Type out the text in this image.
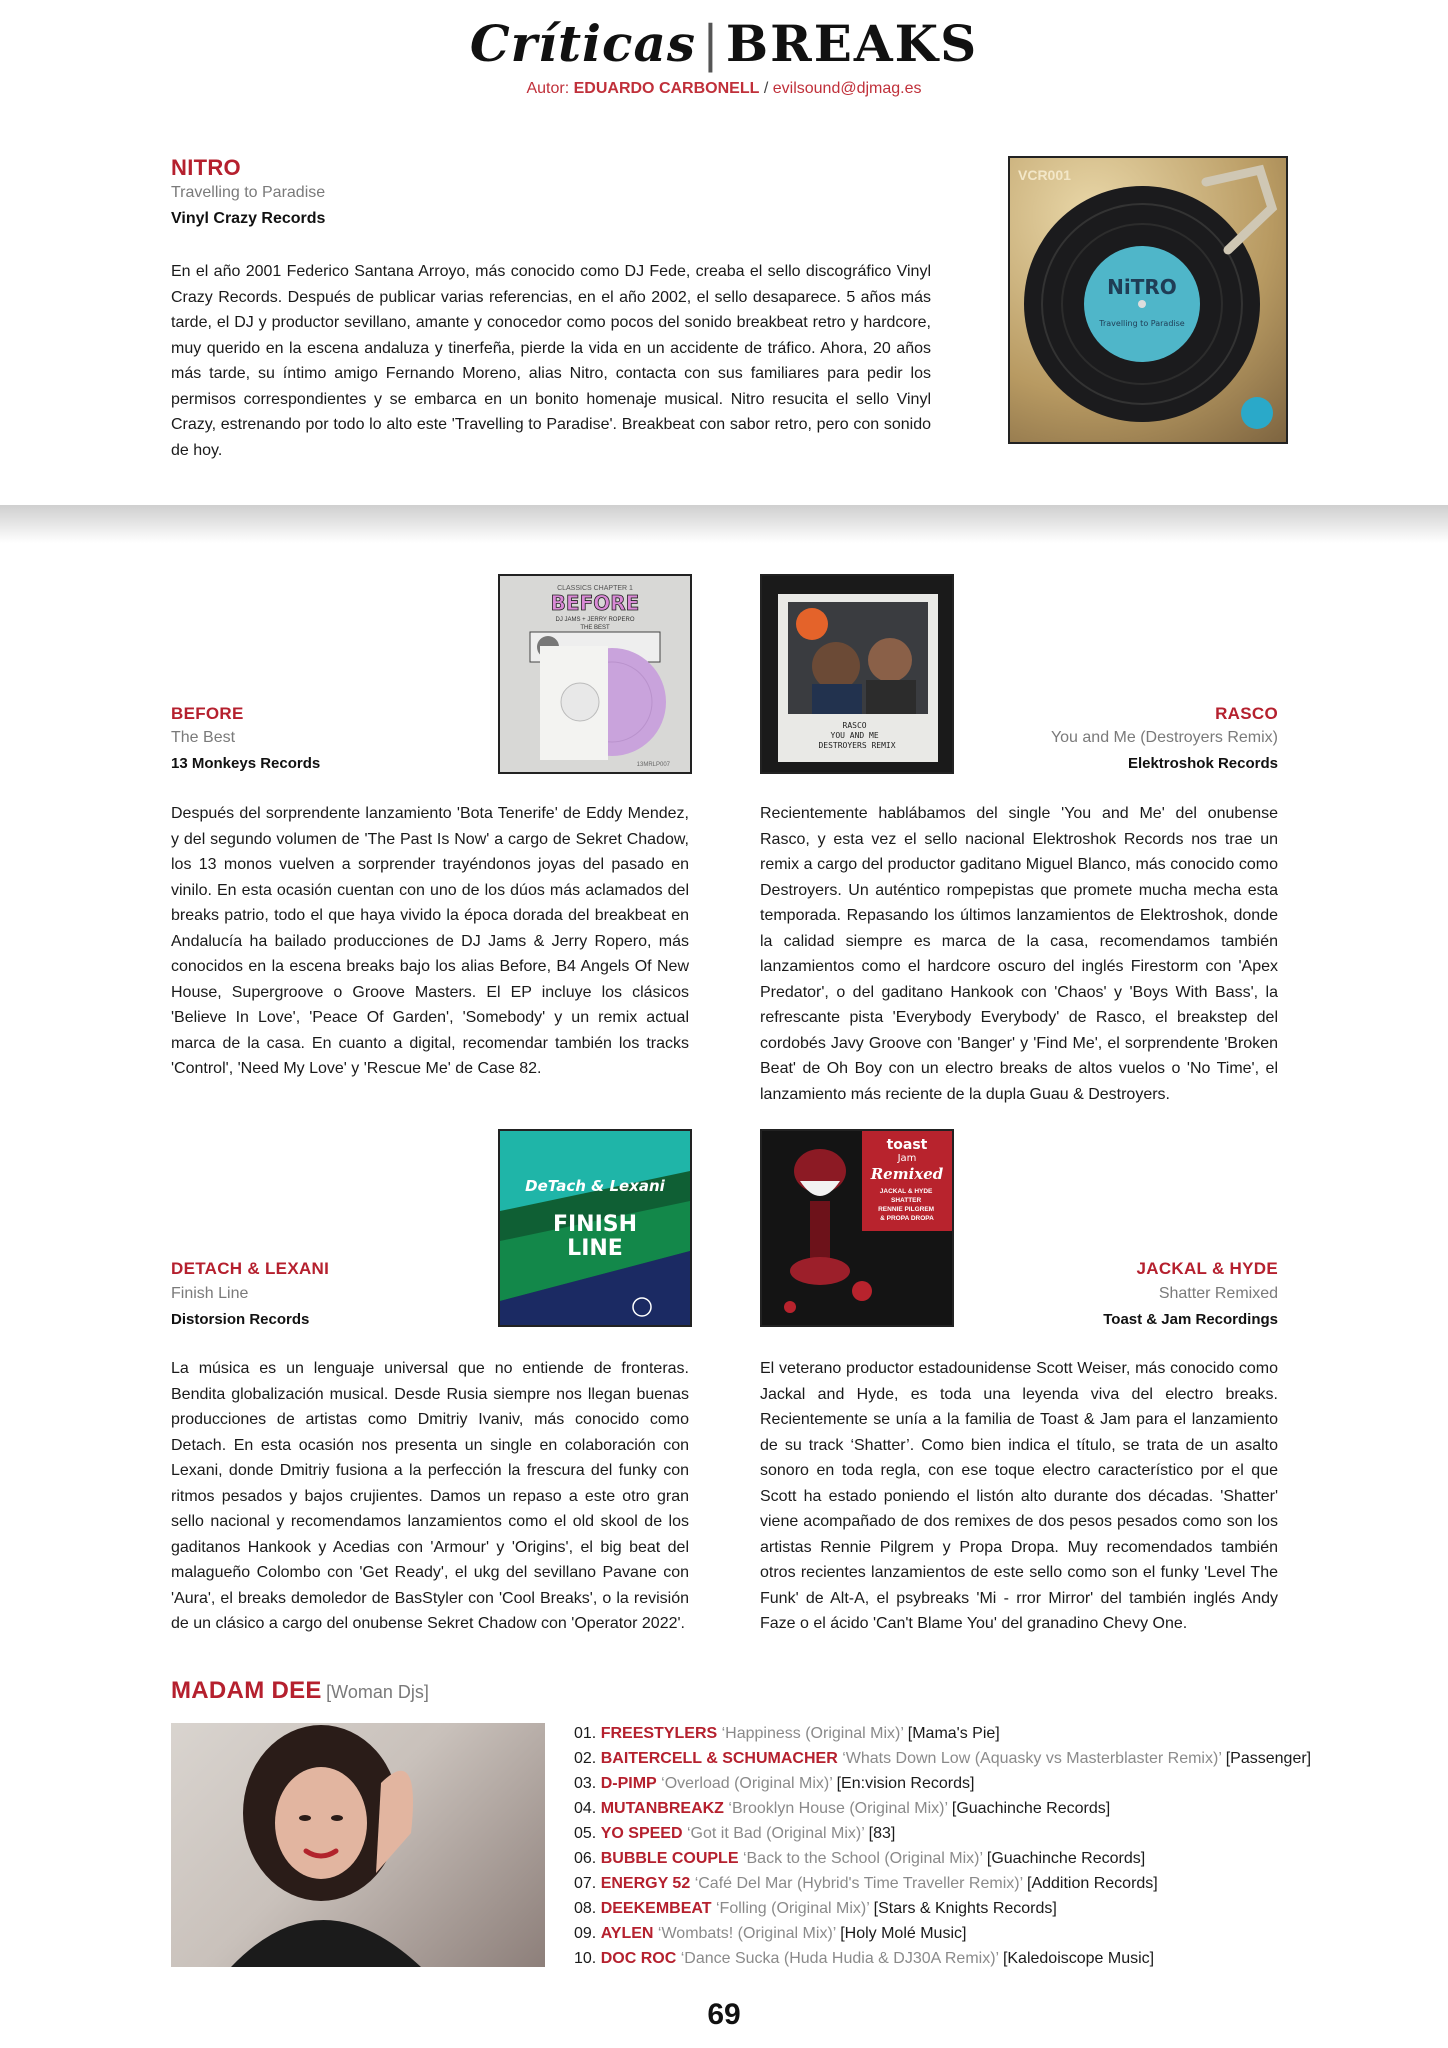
Críticas | BREAKS
Autor: EDUARDO CARBONELL / evilsound@djmag.es
NITRO
Travelling to Paradise
Vinyl Crazy Records
En el año 2001 Federico Santana Arroyo, más conocido como DJ Fede, creaba el sello discográfico Vinyl Crazy Records. Después de publicar varias referencias, en el año 2002, el sello desaparece. 5 años más tarde, el DJ y productor sevillano, amante y conocedor como pocos del sonido breakbeat retro y hardcore, muy querido en la escena andaluza y tinerfeña, pierde la vida en un accidente de tráfico. Ahora, 20 años más tarde, su íntimo amigo Fernando Moreno, alias Nitro, contacta con sus familiares para pedir los permisos correspondientes y se embarca en un bonito homenaje musical. Nitro resucita el sello Vinyl Crazy, estrenando por todo lo alto este 'Travelling to Paradise'. Breakbeat con sabor retro, pero con sonido de hoy.
VCR001
NiTRO
Travelling to Paradise
CLASSICS CHAPTER 1
BEFORE
DJ JAMS + JERRY ROPERO
THE BEST
13MRLP007
RASCO YOU AND ME DESTROYERS REMIX
BEFORE
The Best
13 Monkeys Records
Después del sorprendente lanzamiento 'Bota Tenerife' de Eddy Mendez, y del segundo volumen de 'The Past Is Now' a cargo de Sekret Chadow, los 13 monos vuelven a sorprender trayéndonos joyas del pasado en vinilo. En esta ocasión cuentan con uno de los dúos más aclamados del breaks patrio, todo el que haya vivido la época dorada del breakbeat en Andalucía ha bailado producciones de DJ Jams & Jerry Ropero, más conocidos en la escena breaks bajo los alias Before, B4 Angels Of New House, Supergroove o Groove Masters. El EP incluye los clásicos 'Believe In Love', 'Peace Of Garden', 'Somebody' y un remix actual marca de la casa. En cuanto a digital, recomendar también los tracks 'Control', 'Need My Love' y 'Rescue Me' de Case 82.
RASCO
You and Me (Destroyers Remix)
Elektroshok Records
Recientemente hablábamos del single 'You and Me' del onubense Rasco, y esta vez el sello nacional Elektroshok Records nos trae un remix a cargo del productor gaditano Miguel Blanco, más conocido como Destroyers. Un auténtico rompepistas que promete mucha mecha esta temporada. Repasando los últimos lanzamientos de Elektroshok, donde la calidad siempre es marca de la casa, recomendamos también lanzamientos como el hardcore oscuro del inglés Firestorm con 'Apex Predator', o del gaditano Hankook con 'Chaos' y 'Boys With Bass', la refrescante pista 'Everybody Everybody' de Rasco, el breakstep del cordobés Javy Groove con 'Banger' y 'Find Me', el sorprendente 'Broken Beat' de Oh Boy con un electro breaks de altos vuelos o 'No Time', el lanzamiento más reciente de la dupla Guau & Destroyers.
DeTach & Lexani
FINISH
LINE
toast
Jam
Remixed
JACKAL & HYDE SHATTER RENNIE PILGREM & PROPA DROPA
DETACH & LEXANI
Finish Line
Distorsion Records
La música es un lenguaje universal que no entiende de fronteras. Bendita globalización musical. Desde Rusia siempre nos llegan buenas producciones de artistas como Dmitriy Ivaniv, más conocido como Detach. En esta ocasión nos presenta un single en colaboración con Lexani, donde Dmitriy fusiona a la perfección la frescura del funky con ritmos pesados y bajos crujientes. Damos un repaso a este otro gran sello nacional y recomendamos lanzamientos como el old skool de los gaditanos Hankook y Acedias con 'Armour' y 'Origins', el big beat del malagueño Colombo con 'Get Ready', el ukg del sevillano Pavane con 'Aura', el breaks demoledor de BasStyler con 'Cool Breaks', o la revisión de un clásico a cargo del onubense Sekret Chadow con 'Operator 2022'.
JACKAL & HYDE
Shatter Remixed
Toast & Jam Recordings
El veterano productor estadounidense Scott Weiser, más conocido como Jackal and Hyde, es toda una leyenda viva del electro breaks. Recientemente se unía a la familia de Toast & Jam para el lanzamiento de su track ‘Shatter’. Como bien indica el título, se trata de un asalto sonoro en toda regla, con ese toque electro característico por el que Scott ha estado poniendo el listón alto durante dos décadas. 'Shatter' viene acompañado de dos remixes de dos pesos pesados como son los artistas Rennie Pilgrem y Propa Dropa. Muy recomendados también otros recientes lanzamientos de este sello como son el funky 'Level The Funk' de Alt-A, el psybreaks 'Mi - rror Mirror' del también inglés Andy Faze o el ácido 'Can't Blame You' del granadino Chevy One.
MADAM DEE [Woman Djs]
01. FREESTYLERS ‘Happiness (Original Mix)’ [Mama's Pie]
02. BAITERCELL & SCHUMACHER ‘Whats Down Low (Aquasky vs Masterblaster Remix)’ [Passenger]
03. D-PIMP ‘Overload (Original Mix)’ [En:vision Records]
04. MUTANBREAKZ ‘Brooklyn House (Original Mix)’ [Guachinche Records]
05. YO SPEED ‘Got it Bad (Original Mix)’ [83]
06. BUBBLE COUPLE ‘Back to the School (Original Mix)’ [Guachinche Records]
07. ENERGY 52 ‘Café Del Mar (Hybrid's Time Traveller Remix)’ [Addition Records]
08. DEEKEMBEAT ‘Folling (Original Mix)’ [Stars & Knights Records]
09. AYLEN ‘Wombats! (Original Mix)’ [Holy Molé Music]
10. DOC ROC ‘Dance Sucka (Huda Hudia & DJ30A Remix)’ [Kaledoiscope Music]
69
